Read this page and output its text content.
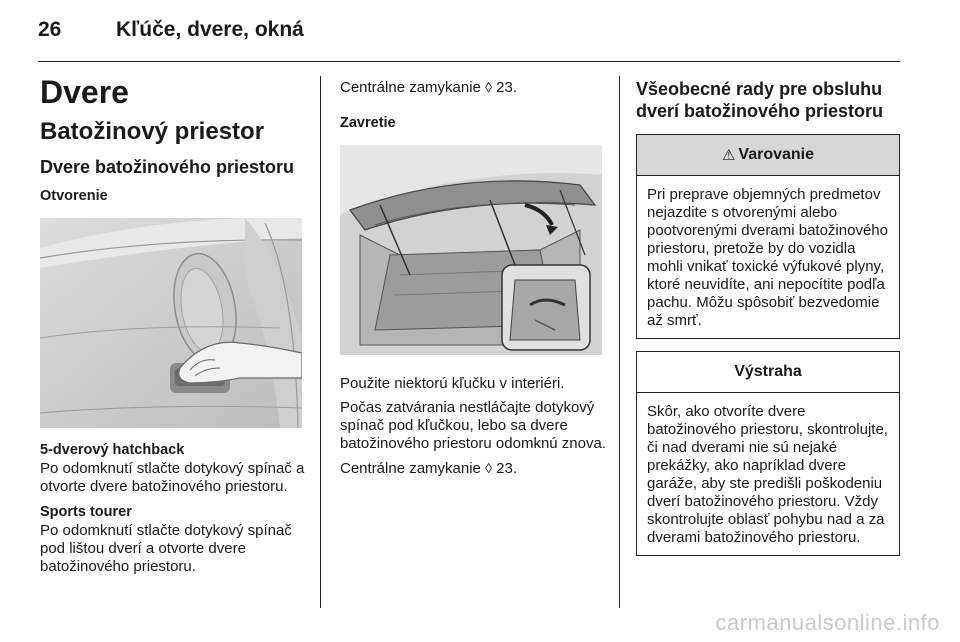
26	Kľúče, dvere, okná
Dvere
Batožinový priestor
Dvere batožinového priestoru
Otvorenie
5-dverový hatchback

Po odomknutí stlačte dotykový spínač a otvorte dvere batožinového priestoru.

Sports tourer

Po odomknutí stlačte dotykový spínač pod lištou dverí a otvorte dvere batožinového priestoru.

Centrálne zamykanie ◊ 23.

Zavretie

Použite niektorú kľučku v interiéri.

Počas zatvárania nestláčajte dotykový spínač pod kľučkou, lebo sa dvere batožinového priestoru odomknú znova.

Centrálne zamykanie ◊ 23.

Všeobecné rady pre obsluhu dverí batožinového priestoru
⚠ Varovanie

Pri preprave objemných predmetov nejazdite s otvorenými alebo pootvorenými dverami batožinového priestoru, pretože by do vozidla mohli vnikať toxické výfukové plyny, ktoré neuvidíte, ani nepocítite podľa pachu. Môžu spôsobiť bezvedomie až smrť.

Výstraha

Skôr, ako otvoríte dvere batožinového priestoru, skontrolujte, či nad dverami nie sú nejaké prekážky, ako napríklad dvere garáže, aby ste predišli poškodeniu dverí batožinového priestoru. Vždy skontrolujte oblasť pohybu nad a za dverami batožinového priestoru.

carmanualsonline.info
